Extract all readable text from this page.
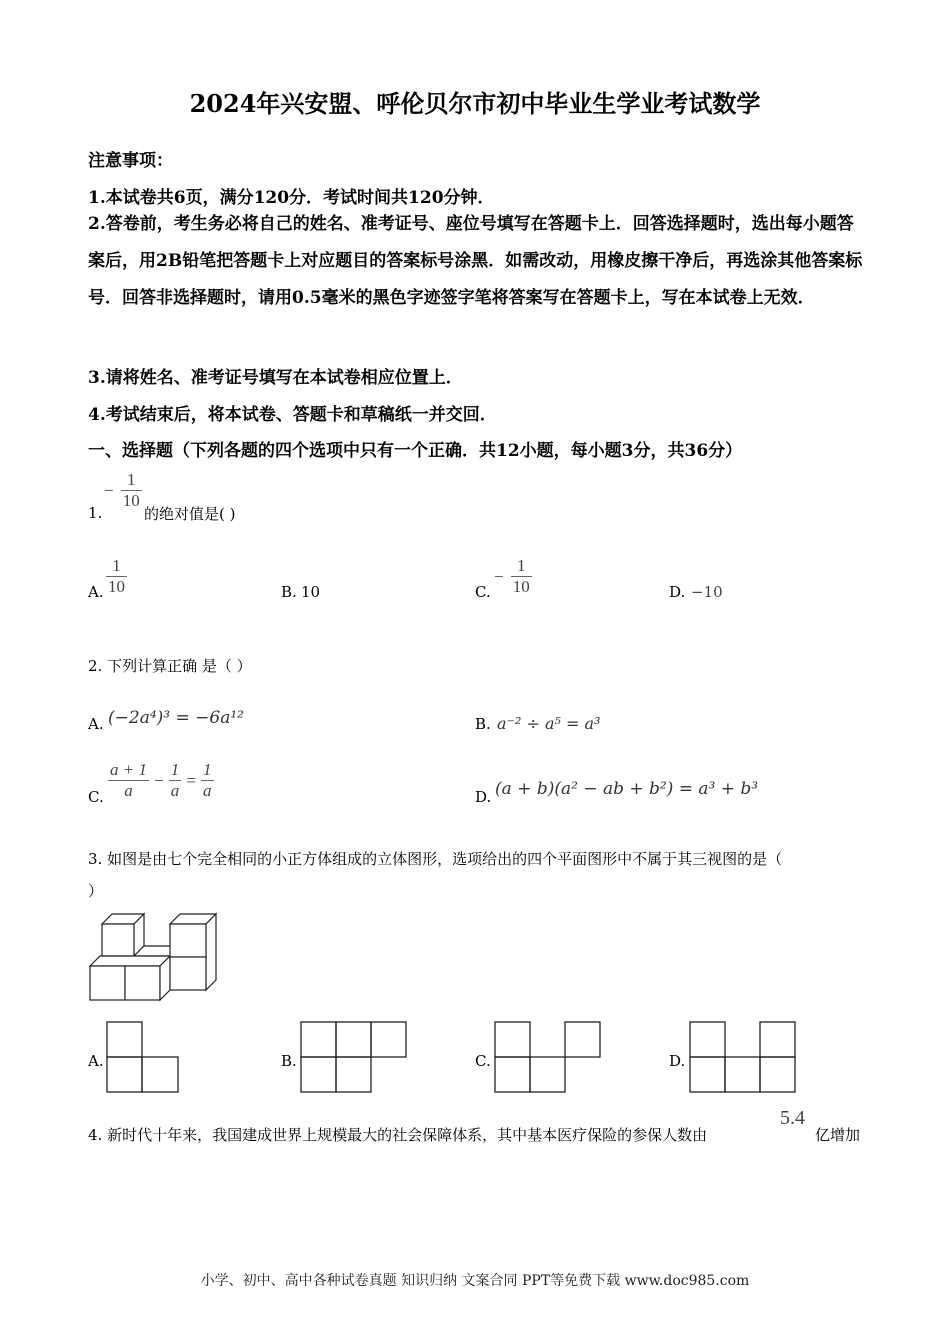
2024年兴安盟、呼伦贝尔市初中毕业生学业考试数学
注意事项：
1.本试卷共6页，满分120分．考试时间共120分钟．
2.答卷前，考生务必将自己的姓名、准考证号、座位号填写在答题卡上．回答选择题时，选出每小题答案后，用2B铅笔把答题卡上对应题目的答案标号涂黑．如需改动，用橡皮擦干净后，再选涂其他答案标号．回答非选择题时，请用0.5毫米的黑色字迹签字笔将答案写在答题卡上，写在本试卷上无效．
3.请将姓名、准考证号填写在本试卷相应位置上．
4.考试结束后，将本试卷、答题卡和草稿纸一并交回．
一、选择题（下列各题的四个选项中只有一个正确．共12小题，每小题3分，共36分）
1.
− $\frac{1}{10}$
的绝对值是( )
A. $\frac{1}{10}$	B. 10	C.
− $\frac{1}{10}$	D. −10
2. 下列计算正确 是（ ）
A. (−2a⁴)³ = −6a¹²	B. a⁻² ÷ a⁵ = a³
C. $\frac{a + 1}{a} - \frac{1}{a} = \frac{1}{a}$	D. (a + b)(a² − ab + b²) = a³ + b³
3. 如图是由七个完全相同的小正方体组成的立体图形，选项给出的四个平面图形中不属于其三视图的是（
）
A.	B.	C.	D.
4. 新时代十年来，我国建成世界上规模最大的社会保障体系，其中基本医疗保险的参保人数由
5.4
亿增加
小学、初中、高中各种试卷真题 知识归纳 文案合同 PPT等免费下载 www.doc985.com
